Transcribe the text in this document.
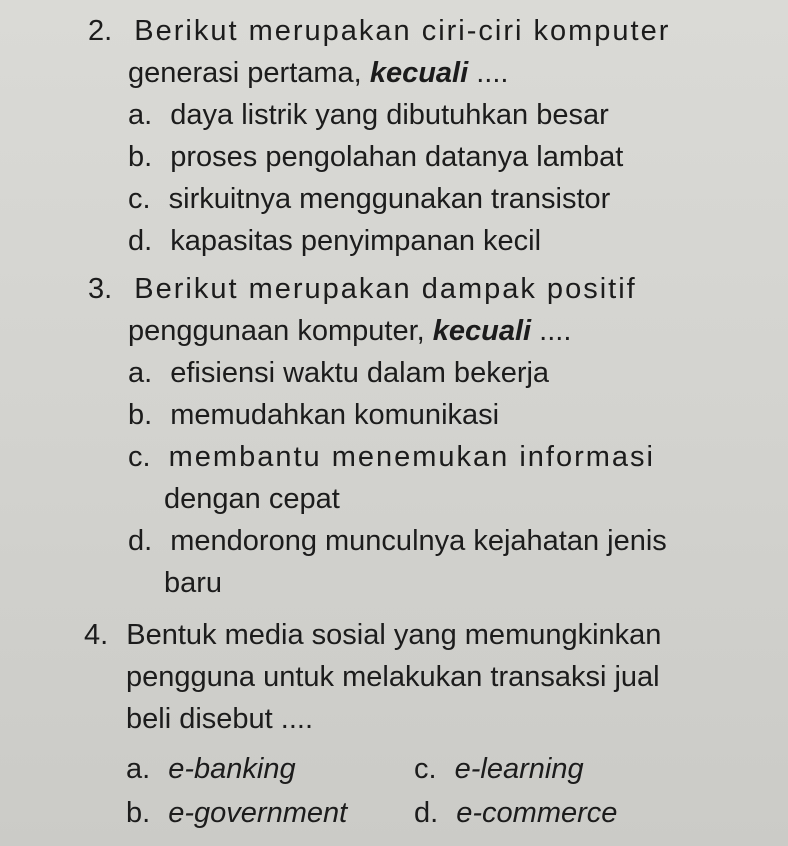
2. Berikut merupakan ciri-ciri komputer
generasi pertama, kecuali ....
a. daya listrik yang dibutuhkan besar
b. proses pengolahan datanya lambat
c. sirkuitnya menggunakan transistor
d. kapasitas penyimpanan kecil
3. Berikut merupakan dampak positif
penggunaan komputer, kecuali ....
a. efisiensi waktu dalam bekerja
b. memudahkan komunikasi
c. membantu menemukan informasi
dengan cepat
d. mendorong munculnya kejahatan jenis
baru
4. Bentuk media sosial yang memungkinkan
pengguna untuk melakukan transaksi jual
beli disebut ....
a. e-banking	c. e-learning
b. e-government d. e-commerce
